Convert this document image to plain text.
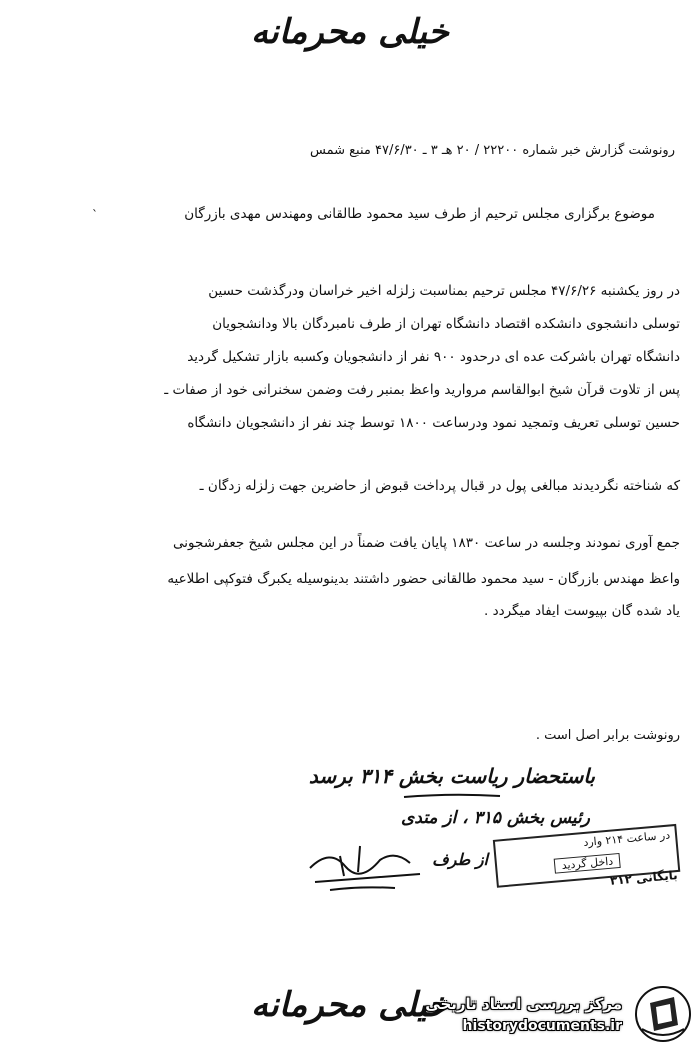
خیلی محرمانه
رونوشت گزارش خبر شماره ۲۲۲۰۰ / ۲۰ هـ ۳ ـ ۴۷/۶/۳۰ منبع شمس
موضوع برگزاری مجلس ترحیم از طرف سید محمود طالقانی ومهندس مهدی بازرگان
ˋ
در روز یکشنبه ۴۷/۶/۲۶ مجلس ترحیم بمناسبت زلزله اخیر خراسان ودرگذشت حسین
توسلی دانشجوی دانشکده اقتصاد دانشگاه تهران از طرف نامبردگان بالا ودانشجویان
دانشگاه تهران باشرکت عده ای درحدود ۹۰۰ نفر از دانشجویان وکسبه بازار تشکیل گردید
پس از تلاوت قرآن شیخ ابوالقاسم مروارید واعظ بمنبر رفت وضمن سخنرانی خود از صفات ـ
حسین توسلی تعریف وتمجید نمود ودرساعت ۱۸۰۰ توسط چند نفر از دانشجویان دانشگاه
که شناخته نگردیدند مبالغی پول در قبال پرداخت قبوض از حاضرین جهت زلزله زدگان ـ
جمع آوری نمودند وجلسه در ساعت ۱۸۳۰ پایان یافت ضمناً در این مجلس شیخ جعفرشجونی
واعظ مهندس بازرگان - سید محمود طالقانی حضور داشتند بدینوسیله یکبرگ فتوکپی اطلاعیه
یاد شده گان بپیوست ایفاد میگردد .
رونوشت برابر اصل است .
باستحضار ریاست بخش ۳۱۴ برسد
رئیس بخش ۳۱۵ ، از متدی
از طرف
در ساعت ۲۱۴ وارد
داخل گردید
بایگانی ۳۱۲
خیلی محرمانه
مرکز بررسی اسناد تاریخی
historydocuments.ir
